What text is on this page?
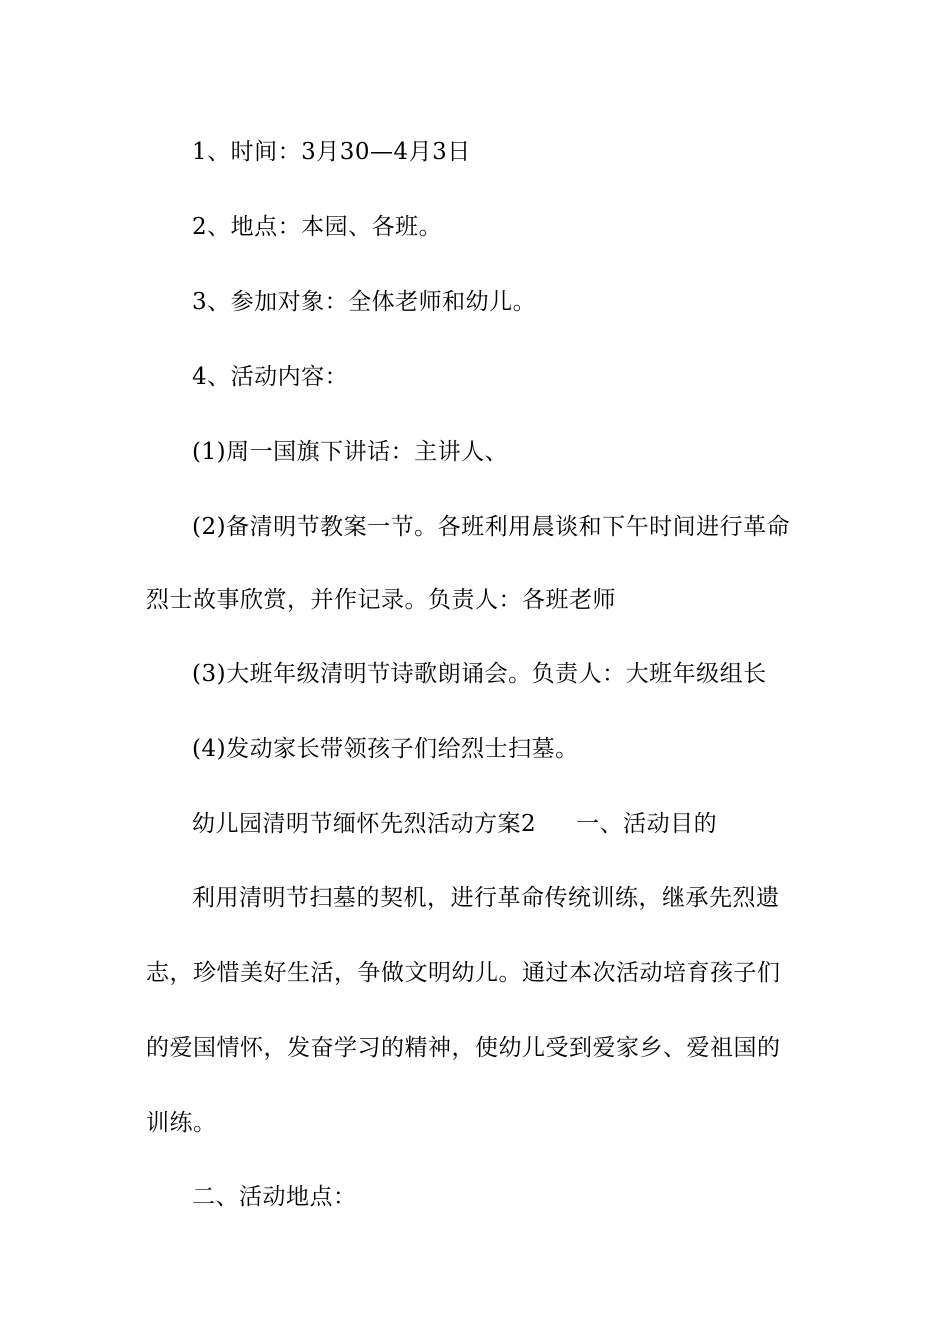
1、时间：3月30—4月3日
2、地点：本园、各班。
3、参加对象：全体老师和幼儿。
4、活动内容：
(1)周一国旗下讲话：主讲人、
(2)备清明节教案一节。各班利用晨谈和下午时间进行革命
烈士故事欣赏，并作记录。负责人：各班老师
(3)大班年级清明节诗歌朗诵会。负责人：大班年级组长
(4)发动家长带领孩子们给烈士扫墓。
幼儿园清明节缅怀先烈活动方案2 一、活动目的
利用清明节扫墓的契机，进行革命传统训练，继承先烈遗
志，珍惜美好生活，争做文明幼儿。通过本次活动培育孩子们
的爱国情怀，发奋学习的精神，使幼儿受到爱家乡、爱祖国的
训练。
二、活动地点：
